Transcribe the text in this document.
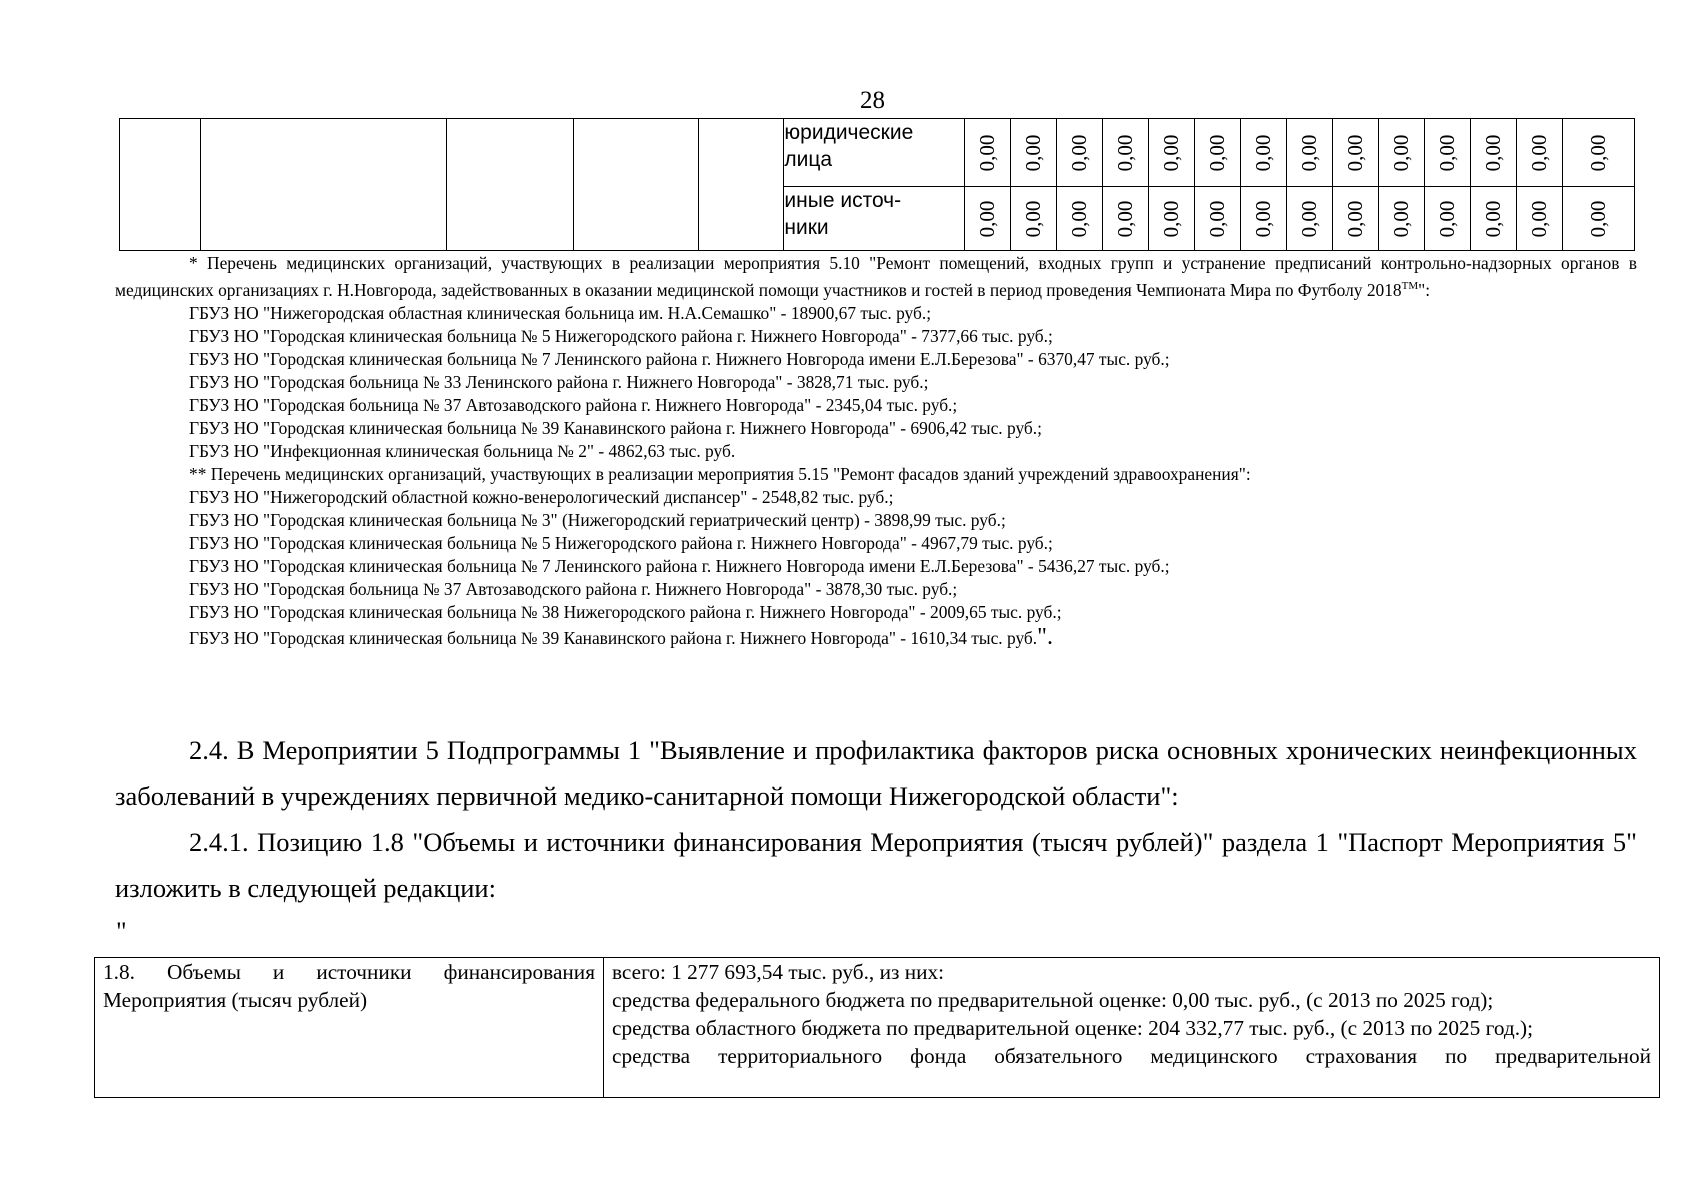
28
					юридические
лица	0,00	0,00	0,00	0,00	0,00	0,00	0,00	0,00	0,00	0,00	0,00	0,00	0,00	0,00

					иные источ-
ники	0,00	0,00	0,00	0,00	0,00	0,00	0,00	0,00	0,00	0,00	0,00	0,00	0,00	0,00

* Перечень медицинских организаций, участвующих в реализации мероприятия 5.10 "Ремонт помещений, входных групп и устранение предписаний контрольно-надзорных органов в медицинских организациях г. Н.Новгорода, задействованных в оказании медицинской помощи участников и гостей в период проведения Чемпионата Мира по Футболу 2018™":

ГБУЗ НО "Нижегородская областная клиническая больница им. Н.А.Семашко" - 18900,67 тыс. руб.;

ГБУЗ НО "Городская клиническая больница № 5 Нижегородского района г. Нижнего Новгорода" - 7377,66 тыс. руб.;

ГБУЗ НО "Городская клиническая больница № 7 Ленинского района г. Нижнего Новгорода имени Е.Л.Березова" - 6370,47 тыс. руб.;

ГБУЗ НО "Городская больница № 33 Ленинского района г. Нижнего Новгорода" - 3828,71 тыс. руб.;

ГБУЗ НО "Городская больница № 37 Автозаводского района г. Нижнего Новгорода" - 2345,04 тыс. руб.;

ГБУЗ НО "Городская клиническая больница № 39 Канавинского района г. Нижнего Новгорода" - 6906,42 тыс. руб.;

ГБУЗ НО "Инфекционная клиническая больница № 2" - 4862,63 тыс. руб.

** Перечень медицинских организаций, участвующих в реализации мероприятия 5.15 "Ремонт фасадов зданий учреждений здравоохранения":

ГБУЗ НО "Нижегородский областной кожно-венерологический диспансер" - 2548,82 тыс. руб.;

ГБУЗ НО "Городская клиническая больница № 3" (Нижегородский гериатрический центр) - 3898,99 тыс. руб.;

ГБУЗ НО "Городская клиническая больница № 5 Нижегородского района г. Нижнего Новгорода" - 4967,79 тыс. руб.;

ГБУЗ НО "Городская клиническая больница № 7 Ленинского района г. Нижнего Новгорода имени Е.Л.Березова" - 5436,27 тыс. руб.;

ГБУЗ НО "Городская больница № 37 Автозаводского района г. Нижнего Новгорода" - 3878,30 тыс. руб.;

ГБУЗ НО "Городская клиническая больница № 38 Нижегородского района г. Нижнего Новгорода" - 2009,65 тыс. руб.;

ГБУЗ НО "Городская клиническая больница № 39 Канавинского района г. Нижнего Новгорода" - 1610,34 тыс. руб.".

2.4. В Мероприятии 5 Подпрограммы 1 "Выявление и профилактика факторов риска основных хронических неинфекционных заболеваний в учреждениях первичной медико-санитарной помощи Нижегородской области":

2.4.1. Позицию 1.8 "Объемы и источники финансирования Мероприятия (тысяч рублей)" раздела 1 "Паспорт Мероприятия 5" изложить в следующей редакции:

"
1.8. Объемы и источники финансирования
Мероприятия (тысяч рублей)

всего: 1 277 693,54 тыс. руб., из них:
средства федерального бюджета по предварительной оценке: 0,00 тыс. руб., (с 2013 по 2025 год);
средства областного бюджета по предварительной оценке: 204 332,77 тыс. руб., (с 2013 по 2025 год.);
средства территориального фонда обязательного медицинского страхования по предварительной
